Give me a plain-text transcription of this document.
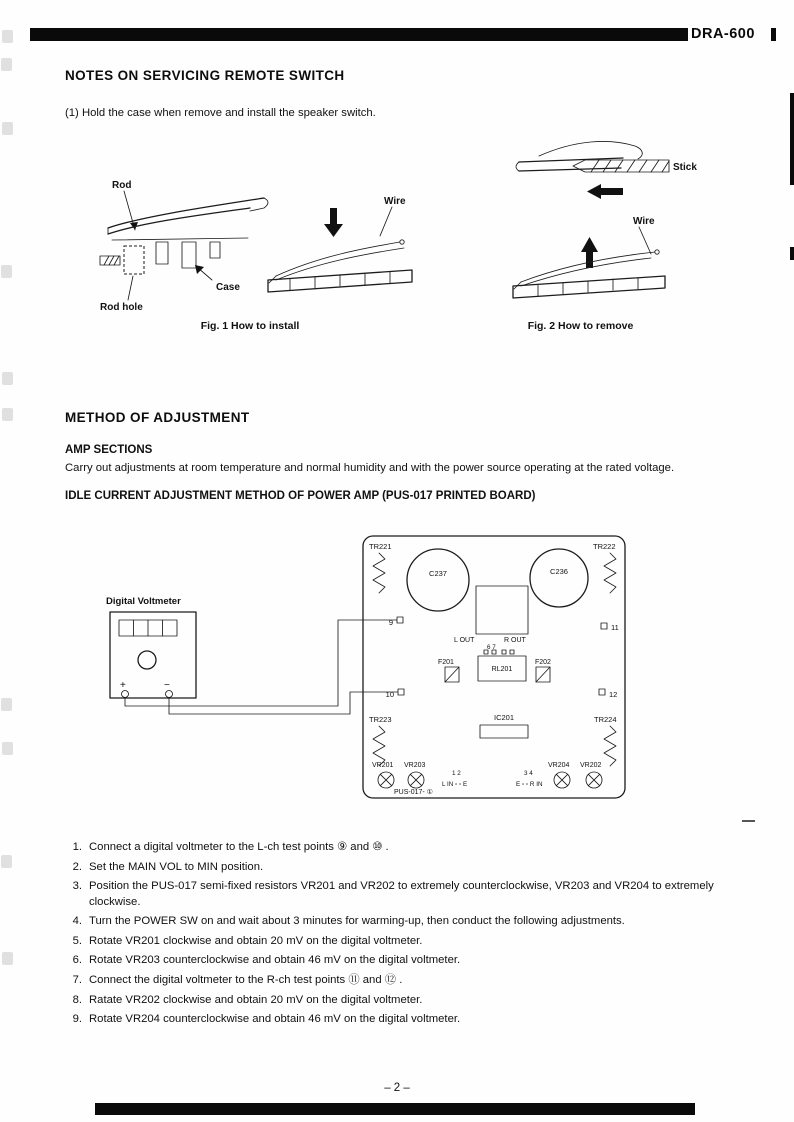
DRA-600
NOTES ON SERVICING REMOTE SWITCH
(1) Hold the case when remove and install the speaker switch.
Rod
Case
Rod hole
Wire
Stick
Wire
Fig. 1 How to install	Fig. 2 How to remove
METHOD OF ADJUSTMENT
AMP SECTIONS
Carry out adjustments at room temperature and normal humidity and with the power source operating at the rated voltage.
IDLE CURRENT ADJUSTMENT METHOD OF POWER AMP (PUS-017 PRINTED BOARD)
Digital Voltmeter
+	−
TR221
C237	C236
TR222
9
11
L OUT	R OUT
6 7
F201
RL201
F202
10	12
TR223	IC201	TR224
VR201 VR203	VR204 VR202
1 2
L IN ▫ ▫ E
3 4
E ▫ ▫ R IN
PUS-017- ①
1. Connect a digital voltmeter to the L-ch test points ⑨ and ⑩ .
2. Set the MAIN VOL to MIN position.
3. Position the PUS-017 semi-fixed resistors VR201 and VR202 to extremely counterclockwise, VR203 and VR204 to extremely clockwise.
4. Turn the POWER SW on and wait about 3 minutes for warming-up, then conduct the following adjustments.
5. Rotate VR201 clockwise and obtain 20 mV on the digital voltmeter.
6. Rotate VR203 counterclockwise and obtain 46 mV on the digital voltmeter.
7. Connect the digital voltmeter to the R-ch test points ⑪ and ⑫ .
8. Ratate VR202 clockwise and obtain 20 mV on the digital voltmeter.
9. Rotate VR204 counterclockwise and obtain 46 mV on the digital voltmeter.
– 2 –
